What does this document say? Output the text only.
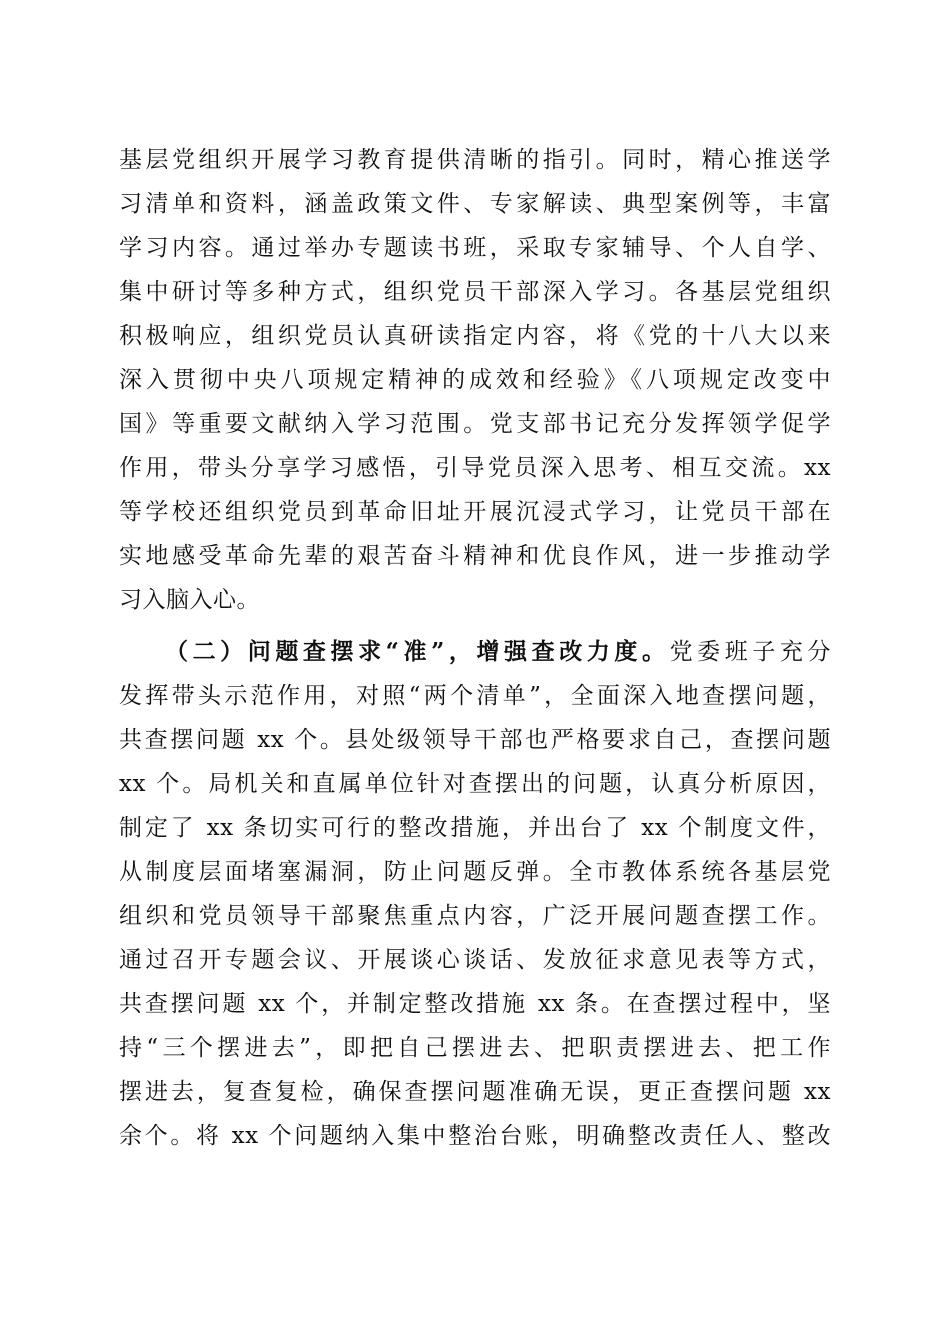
基层党组织开展学习教育提供清晰的指引。同时，精心推送学
习清单和资料，涵盖政策文件、专家解读、典型案例等，丰富
学习内容。通过举办专题读书班，采取专家辅导、个人自学、
集中研讨等多种方式，组织党员干部深入学习。各基层党组织
积极响应，组织党员认真研读指定内容，将《党的十八大以来
深入贯彻中央八项规定精神的成效和经验》《八项规定改变中
国》等重要文献纳入学习范围。党支部书记充分发挥领学促学
作用，带头分享学习感悟，引导党员深入思考、相互交流。xx
等学校还组织党员到革命旧址开展沉浸式学习，让党员干部在
实地感受革命先辈的艰苦奋斗精神和优良作风，进一步推动学
习入脑入心。
（二）问题查摆求“准”，增强查改力度。党委班子充分
发挥带头示范作用，对照“两个清单”，全面深入地查摆问题，
共查摆问题 xx 个。县处级领导干部也严格要求自己，查摆问题
xx 个。局机关和直属单位针对查摆出的问题，认真分析原因，
制定了 xx 条切实可行的整改措施，并出台了 xx 个制度文件，
从制度层面堵塞漏洞，防止问题反弹。全市教体系统各基层党
组织和党员领导干部聚焦重点内容，广泛开展问题查摆工作。
通过召开专题会议、开展谈心谈话、发放征求意见表等方式，
共查摆问题 xx 个，并制定整改措施 xx 条。在查摆过程中，坚
持“三个摆进去”，即把自己摆进去、把职责摆进去、把工作
摆进去，复查复检，确保查摆问题准确无误，更正查摆问题 xx
余个。将 xx 个问题纳入集中整治台账，明确整改责任人、整改
